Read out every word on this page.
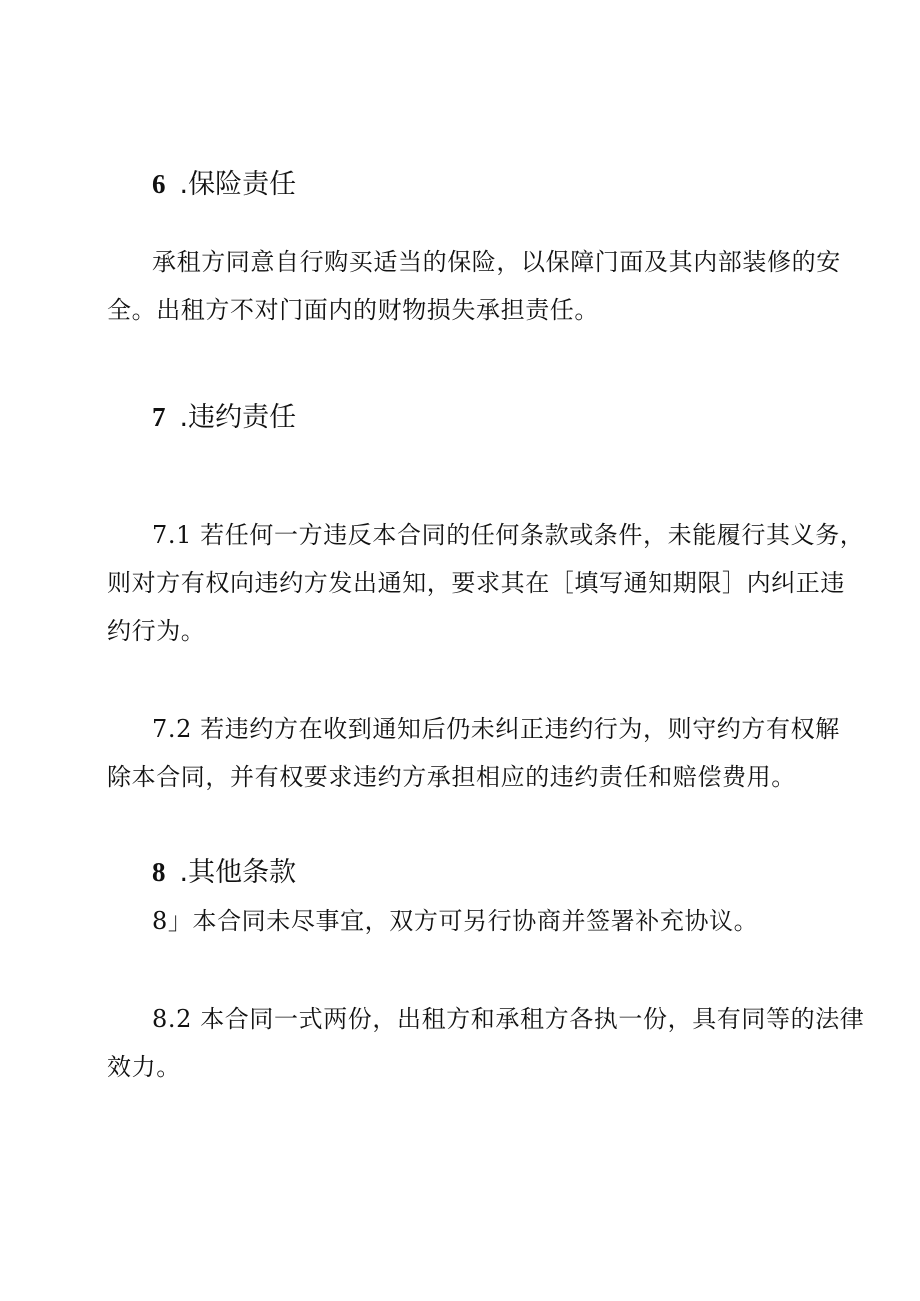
6 .保险责任
承租方同意自行购买适当的保险，以保障门面及其内部装修的安
全。出租方不对门面内的财物损失承担责任。
7 .违约责任
7.1 若任何一方违反本合同的任何条款或条件，未能履行其义务，
则对方有权向违约方发出通知，要求其在［填写通知期限］内纠正违
约行为。
7.2 若违约方在收到通知后仍未纠正违约行为，则守约方有权解
除本合同，并有权要求违约方承担相应的违约责任和赔偿费用。
8 .其他条款
8」本合同未尽事宜，双方可另行协商并签署补充协议。
8.2 本合同一式两份，出租方和承租方各执一份，具有同等的法律
效力。
